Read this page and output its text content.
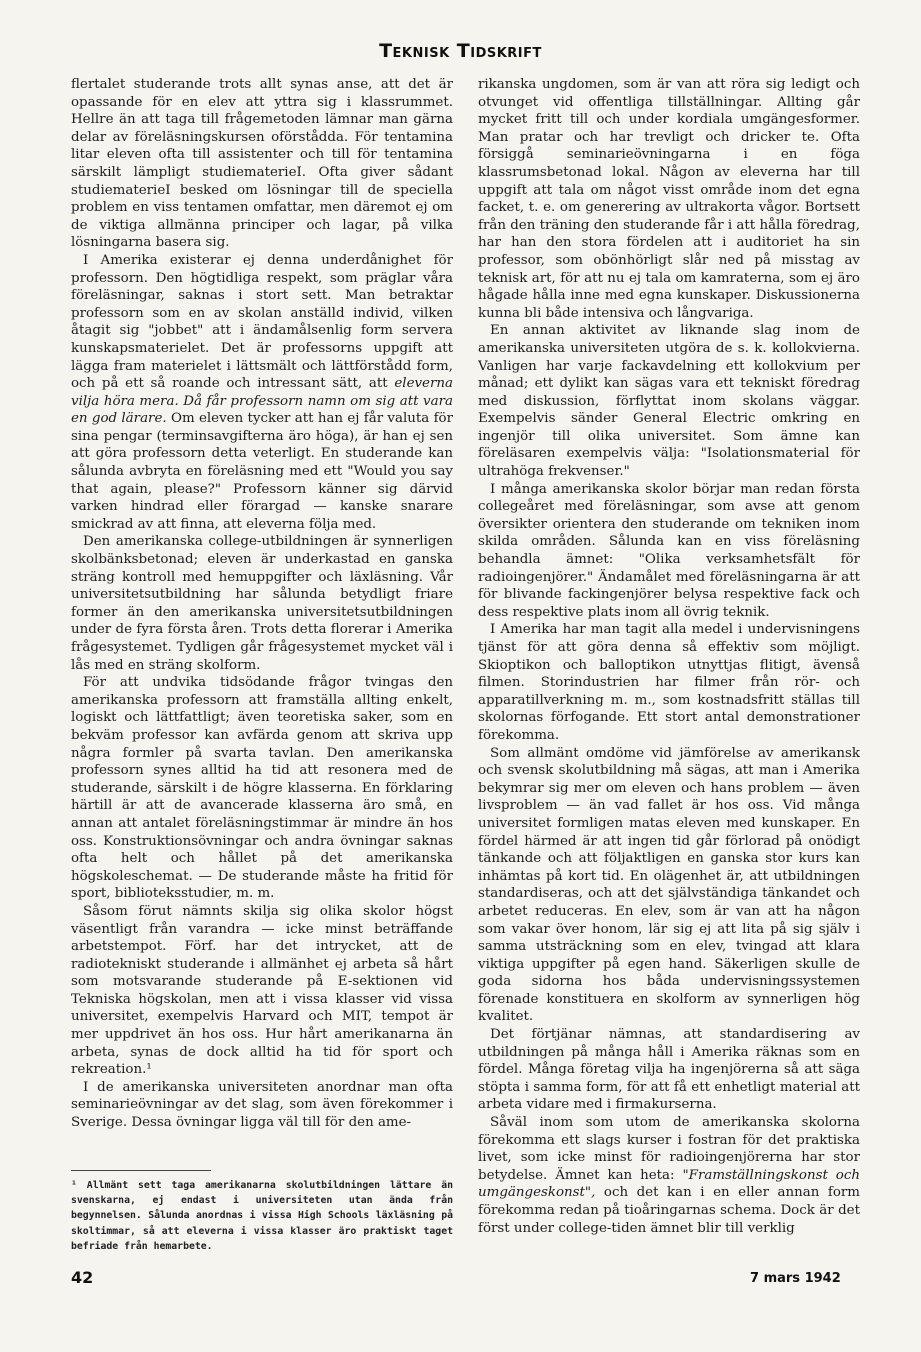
Teknisk Tidskrift

flertalet studerande trots allt synas anse, att det är opassande för en elev att yttra sig i klassrummet. Hellre än att taga till frågemetoden lämnar man gärna delar av föreläsningskursen oförstådda. För tentamina litar eleven ofta till assistenter och till för tentamina särskilt lämpligt studiematerieI. Ofta giver sådant studiematerieI besked om lösningar till de speciella problem en viss tentamen omfattar, men däremot ej om de viktiga allmänna principer och lagar, på vilka lösningarna basera sig.

I Amerika existerar ej denna underdånighet för professorn. Den högtidliga respekt, som präglar våra föreläsningar, saknas i stort sett. Man betraktar professorn som en av skolan anställd individ, vilken åtagit sig "jobbet" att i ändamålsenlig form servera kunskapsmaterielet. Det är professorns uppgift att lägga fram materielet i lättsmält och lättförstådd form, och på ett så roande och intressant sätt, att eleverna vilja höra mera. Då får professorn namn om sig att vara en god lärare. Om eleven tycker att han ej får valuta för sina pengar (terminsavgifterna äro höga), är han ej sen att göra professorn detta veterligt. En studerande kan sålunda avbryta en föreläsning med ett "Would you say that again, please?" Professorn känner sig därvid varken hindrad eller förargad — kanske snarare smickrad av att finna, att eleverna följa med.

Den amerikanska college-utbildningen är synnerligen skolbänksbetonad; eleven är underkastad en ganska sträng kontroll med hemuppgifter och läxläsning. Vår universitetsutbildning har sålunda betydligt friare former än den amerikanska universitetsutbildningen under de fyra första åren. Trots detta florerar i Amerika frågesystemet. Tydligen går frågesystemet mycket väl i lås med en sträng skolform.

För att undvika tidsödande frågor tvingas den amerikanska professorn att framställa allting enkelt, logiskt och lättfattligt; även teoretiska saker, som en bekväm professor kan avfärda genom att skriva upp några formler på svarta tavlan. Den amerikanska professorn synes alltid ha tid att resonera med de studerande, särskilt i de högre klasserna. En förklaring härtill är att de avancerade klasserna äro små, en annan att antalet föreläsningstimmar är mindre än hos oss. Konstruktionsövningar och andra övningar saknas ofta helt och hållet på det amerikanska högskoleschemat. — De studerande måste ha fritid för sport, biblioteksstudier, m. m.

Såsom förut nämnts skilja sig olika skolor högst väsentligt från varandra — icke minst beträffande arbetstempot. Förf. har det intrycket, att de radiotekniskt studerande i allmänhet ej arbeta så hårt som motsvarande studerande på E-sektionen vid Tekniska högskolan, men att i vissa klasser vid vissa universitet, exempelvis Harvard och MIT, tempot är mer uppdrivet än hos oss. Hur hårt amerikanarna än arbeta, synas de dock alltid ha tid för sport och rekreation.¹

I de amerikanska universiteten anordnar man ofta seminarieövningar av det slag, som även förekommer i Sverige. Dessa övningar ligga väl till för den ame-

rikanska ungdomen, som är van att röra sig ledigt och otvunget vid offentliga tillställningar. Allting går mycket fritt till och under kordiala umgängesformer. Man pratar och har trevligt och dricker te. Ofta försiggå seminarieövningarna i en föga klassrumsbetonad lokal. Någon av eleverna har till uppgift att tala om något visst område inom det egna facket, t. e. om generering av ultrakorta vågor. Bortsett från den träning den studerande får i att hålla föredrag, har han den stora fördelen att i auditoriet ha sin professor, som obönhörligt slår ned på misstag av teknisk art, för att nu ej tala om kamraterna, som ej äro hågade hålla inne med egna kunskaper. Diskussionerna kunna bli både intensiva och långvariga.

En annan aktivitet av liknande slag inom de amerikanska universiteten utgöra de s. k. kollokvierna. Vanligen har varje fackavdelning ett kollokvium per månad; ett dylikt kan sägas vara ett tekniskt föredrag med diskussion, förflyttat inom skolans väggar. Exempelvis sänder General Electric omkring en ingenjör till olika universitet. Som ämne kan föreläsaren exempelvis välja: "Isolationsmaterial för ultrahöga frekvenser."

I många amerikanska skolor börjar man redan första collegeåret med föreläsningar, som avse att genom översikter orientera den studerande om tekniken inom skilda områden. Sålunda kan en viss föreläsning behandla ämnet: "Olika verksamhetsfält för radioingenjörer." Ändamålet med föreläsningarna är att för blivande fackingenjörer belysa respektive fack och dess respektive plats inom all övrig teknik.

I Amerika har man tagit alla medel i undervisningens tjänst för att göra denna så effektiv som möjligt. Skioptikon och balloptikon utnyttjas flitigt, ävenså filmen. Storindustrien har filmer från rör- och apparatillverkning m. m., som kostnadsfritt ställas till skolornas förfogande. Ett stort antal demonstrationer förekomma.

Som allmänt omdöme vid jämförelse av amerikansk och svensk skolutbildning må sägas, att man i Amerika bekymrar sig mer om eleven och hans problem — även livsproblem — än vad fallet är hos oss. Vid många universitet formligen matas eleven med kunskaper. En fördel härmed är att ingen tid går förlorad på onödigt tänkande och att följaktligen en ganska stor kurs kan inhämtas på kort tid. En olägenhet är, att utbildningen standardiseras, och att det självständiga tänkandet och arbetet reduceras. En elev, som är van att ha någon som vakar över honom, lär sig ej att lita på sig själv i samma utsträckning som en elev, tvingad att klara viktiga uppgifter på egen hand. Säkerligen skulle de goda sidorna hos båda undervisningssystemen förenade konstituera en skolform av synnerligen hög kvalitet.

Det förtjänar nämnas, att standardisering av utbildningen på många håll i Amerika räknas som en fördel. Många företag vilja ha ingenjörerna så att säga stöpta i samma form, för att få ett enhetligt material att arbeta vidare med i firmakurserna.

Såväl inom som utom de amerikanska skolorna förekomma ett slags kurser i fostran för det praktiska livet, som icke minst för radioingenjörerna har stor betydelse. Ämnet kan heta: "Framställningskonst och umgängeskonst", och det kan i en eller annan form förekomma redan på tioåringarnas schema. Dock är det först under college-tiden ämnet blir till verklig

¹ Allmänt sett taga amerikanarna skolutbildningen lättare än svenskarna, ej endast i universiteten utan ända från begynnelsen. Sålunda anordnas i vissa High Schools läxläsning på skoltimmar, så att eleverna i vissa klasser äro praktiskt taget befriade från hemarbete.
42	7 mars 1942
